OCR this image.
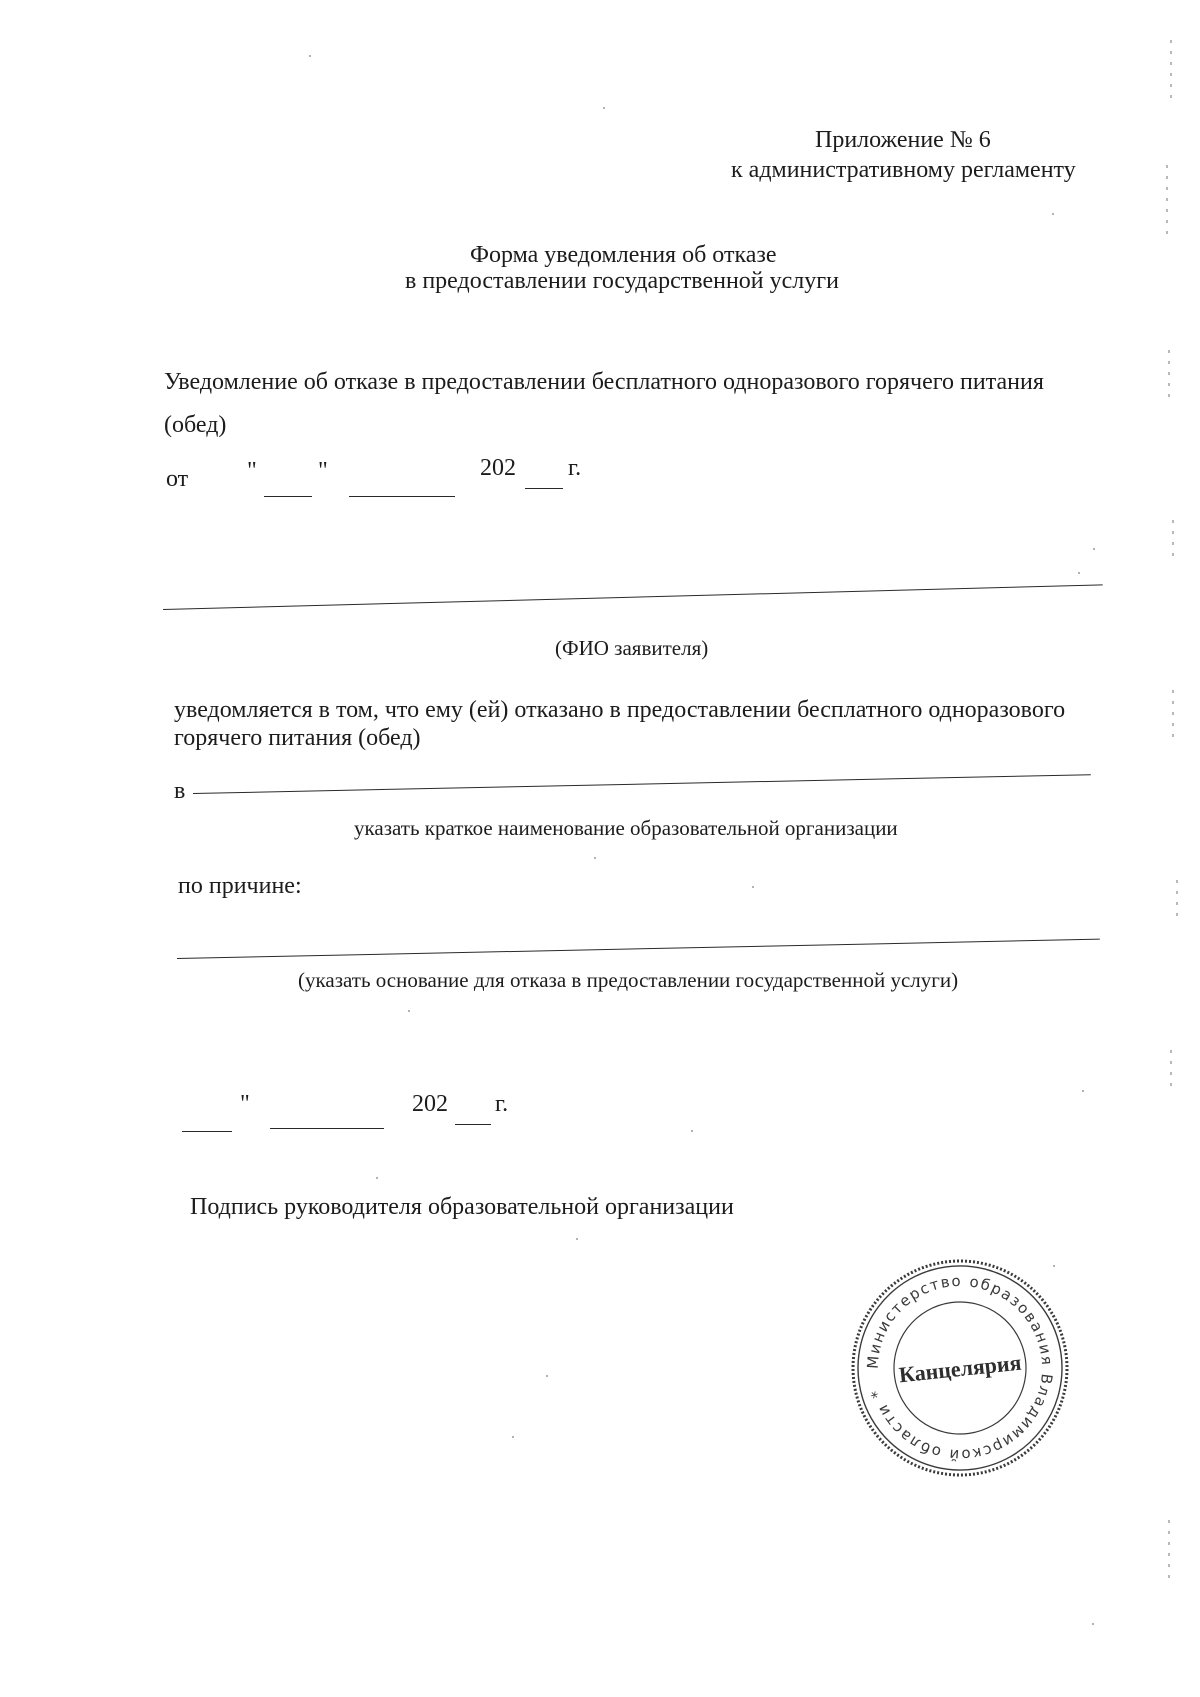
Приложение № 6
к административному регламенту
Форма уведомления об отказе
в предоставлении государственной услуги
Уведомление об отказе в предоставлении бесплатного одноразового горячего питания
(обед)
от "	"	202 г.
(ФИО заявителя)
уведомляется в том, что ему (ей) отказано в предоставлении бесплатного одноразового
горячего питания (обед)
в
указать краткое наименование образовательной организации
по причине:
(указать основание для отказа в предоставлении государственной услуги)
"	202 г.
Подпись руководителя образовательной организации
Министерство образования Владимирской области *
Канцелярия
